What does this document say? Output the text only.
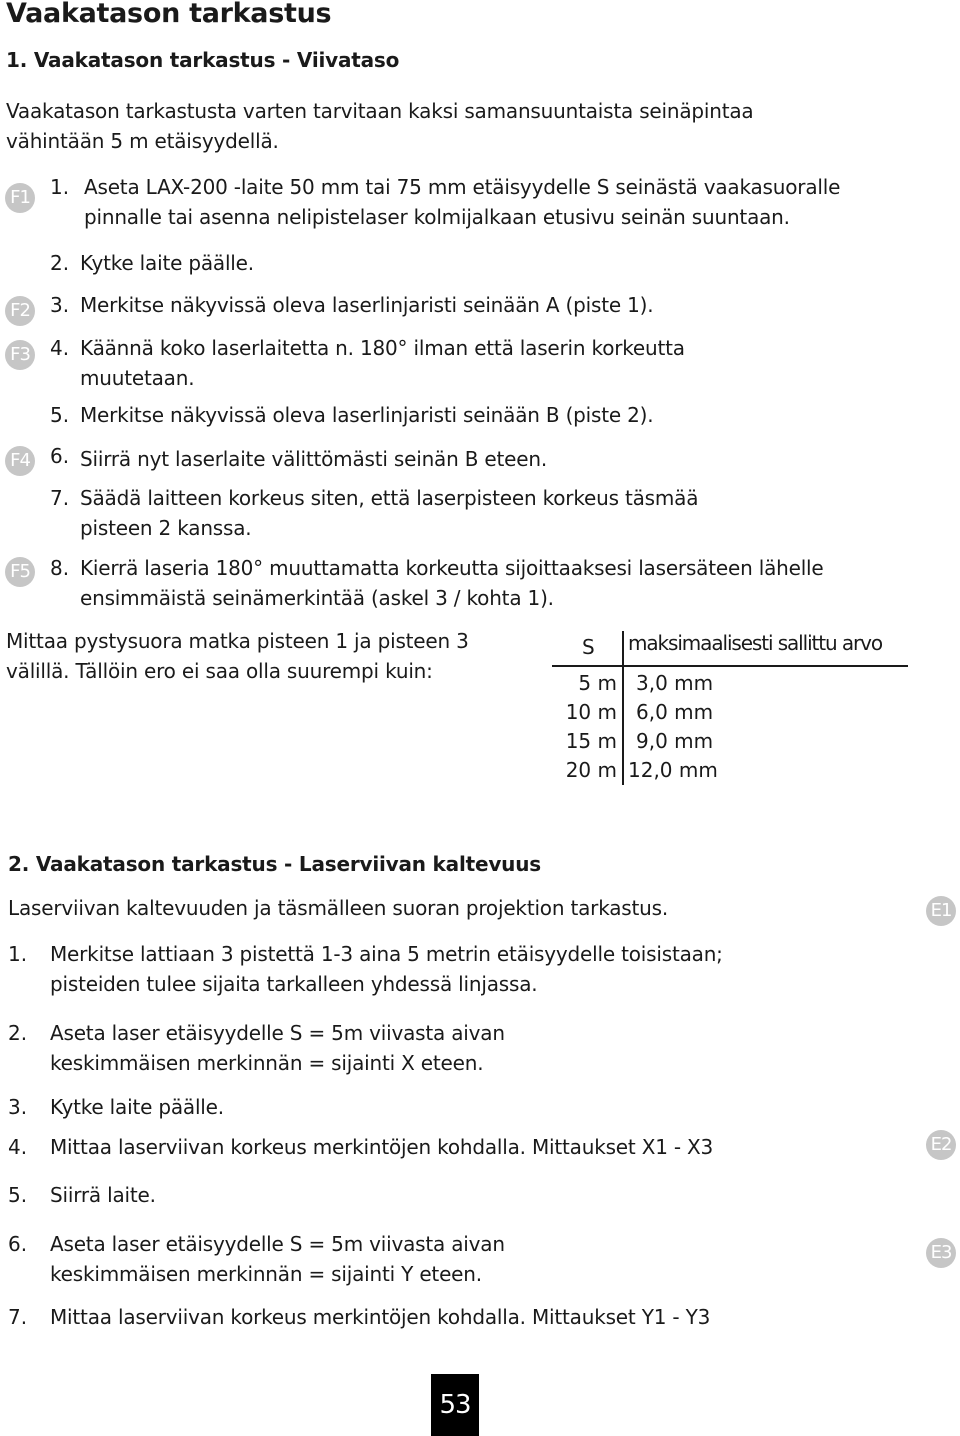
Vaakatason tarkastus
1. Vaakatason tarkastus - Viivataso
Vaakatason tarkastusta varten tarvitaan kaksi samansuuntaista seinäpintaa
vähintään 5 m etäisyydellä.
F1
F2
F3
F4
F5
1. Aseta LAX-200 -laite 50 mm tai 75 mm etäisyydelle S seinästä vaakasuoralle
pinnalle tai asenna nelipistelaser kolmijalkaan etusivu seinän suuntaan.
2. Kytke laite päälle.
3. Merkitse näkyvissä oleva laserlinjaristi seinään A (piste 1).
4. Käännä koko laserlaitetta n. 180° ilman että laserin korkeutta
muutetaan.
5. Merkitse näkyvissä oleva laserlinjaristi seinään B (piste 2).
6. Siirrä nyt laserlaite välittömästi seinän B eteen.
7. Säädä laitteen korkeus siten, että laserpisteen korkeus täsmää
pisteen 2 kanssa.
8. Kierrä laseria 180° muuttamatta korkeutta sijoittaaksesi lasersäteen lähelle
ensimmäistä seinämerkintää (askel 3 / kohta 1).
Mittaa pystysuora matka pisteen 1 ja pisteen 3
välillä. Tällöin ero ei saa olla suurempi kuin:
S maksimaalisesti sallittu arvo
5 m 3,0 mm
10 m 6,0 mm
15 m 9,0 mm
20 m 12,0 mm
2. Vaakatason tarkastus - Laserviivan kaltevuus
Laserviivan kaltevuuden ja täsmälleen suoran projektion tarkastus.	E1
E2
E3
1. Merkitse lattiaan 3 pistettä 1-3 aina 5 metrin etäisyydelle toisistaan;
pisteiden tulee sijaita tarkalleen yhdessä linjassa.
2. Aseta laser etäisyydelle S = 5m viivasta aivan
keskimmäisen merkinnän = sijainti X eteen.
3. Kytke laite päälle.
4. Mittaa laserviivan korkeus merkintöjen kohdalla. Mittaukset X1 - X3
5. Siirrä laite.
6. Aseta laser etäisyydelle S = 5m viivasta aivan
keskimmäisen merkinnän = sijainti Y eteen.
7. Mittaa laserviivan korkeus merkintöjen kohdalla. Mittaukset Y1 - Y3
53
